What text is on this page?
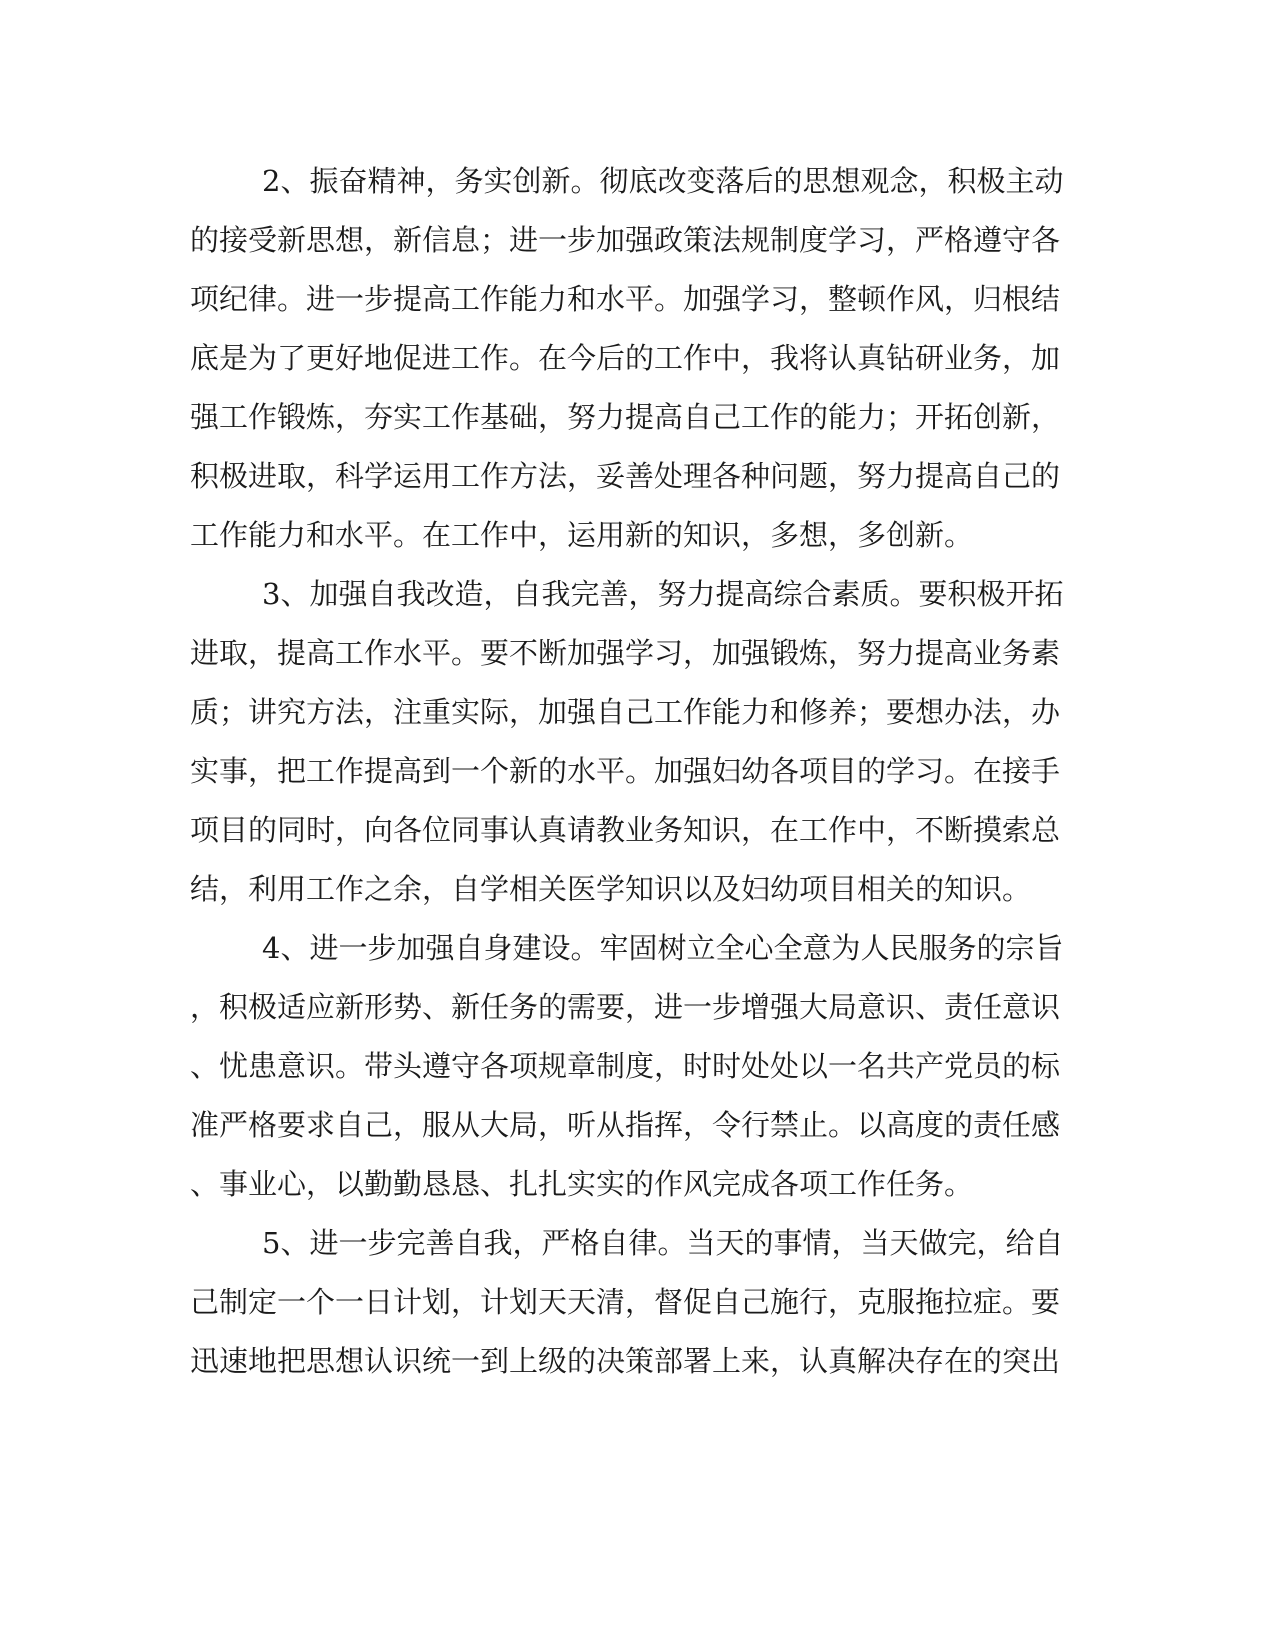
2、振奋精神，务实创新。彻底改变落后的思想观念，积极主动
的接受新思想，新信息；进一步加强政策法规制度学习，严格遵守各
项纪律。进一步提高工作能力和水平。加强学习，整顿作风，归根结
底是为了更好地促进工作。在今后的工作中，我将认真钻研业务，加
强工作锻炼，夯实工作基础，努力提高自己工作的能力；开拓创新，
积极进取，科学运用工作方法，妥善处理各种问题，努力提高自己的
工作能力和水平。在工作中，运用新的知识，多想，多创新。
3、加强自我改造，自我完善，努力提高综合素质。要积极开拓
进取，提高工作水平。要不断加强学习，加强锻炼，努力提高业务素
质；讲究方法，注重实际，加强自己工作能力和修养；要想办法，办
实事，把工作提高到一个新的水平。加强妇幼各项目的学习。在接手
项目的同时，向各位同事认真请教业务知识，在工作中，不断摸索总
结，利用工作之余，自学相关医学知识以及妇幼项目相关的知识。
4、进一步加强自身建设。牢固树立全心全意为人民服务的宗旨
，积极适应新形势、新任务的需要，进一步增强大局意识、责任意识
、忧患意识。带头遵守各项规章制度，时时处处以一名共产党员的标
准严格要求自己，服从大局，听从指挥，令行禁止。以高度的责任感
、事业心，以勤勤恳恳、扎扎实实的作风完成各项工作任务。
5、进一步完善自我，严格自律。当天的事情，当天做完，给自
己制定一个一日计划，计划天天清，督促自己施行，克服拖拉症。要
迅速地把思想认识统一到上级的决策部署上来，认真解决存在的突出
